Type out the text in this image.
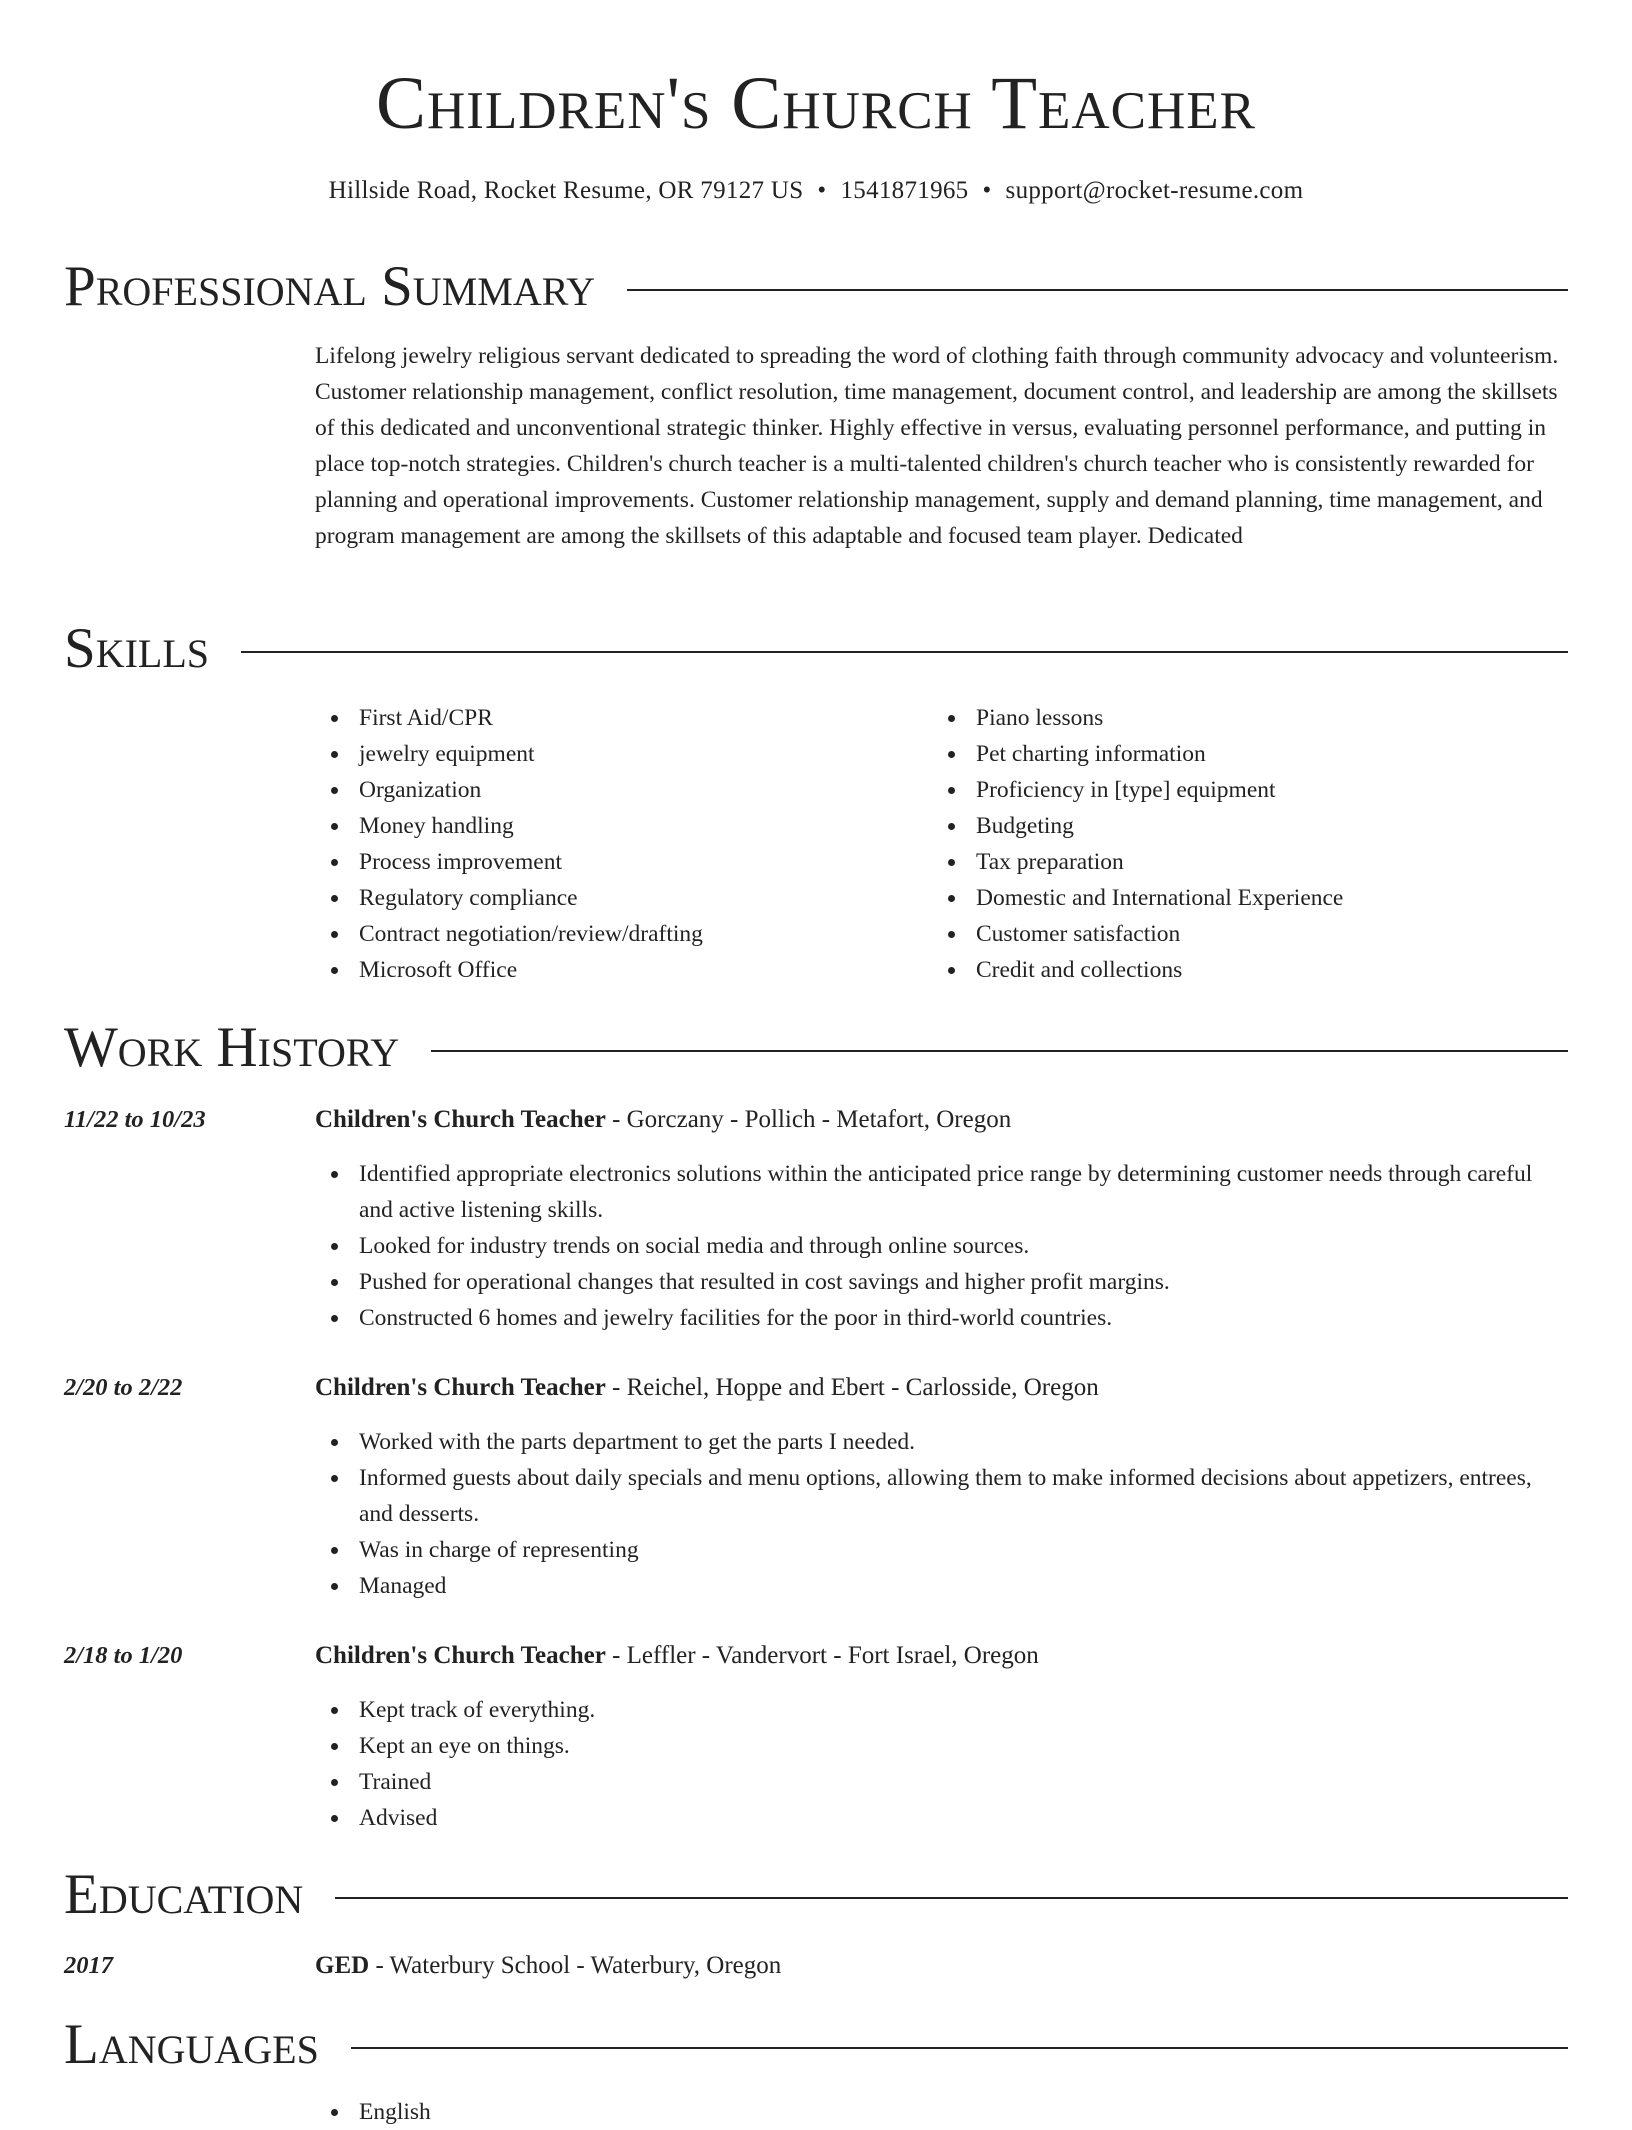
Children's Church Teacher
Hillside Road, Rocket Resume, OR 79127 US • 1541871965 • support@rocket-resume.com
Professional Summary

Lifelong jewelry religious servant dedicated to spreading the word of clothing faith through community advocacy and volunteerism. Customer relationship management, conflict resolution, time management, document control, and leadership are among the skillsets of this dedicated and unconventional strategic thinker. Highly effective in versus, evaluating personnel performance, and putting in place top-notch strategies. Children's church teacher is a multi-talented children's church teacher who is consistently rewarded for planning and operational improvements. Customer relationship management, supply and demand planning, time management, and program management are among the skillsets of this adaptable and focused team player. Dedicated

Skills
First Aid/CPR
jewelry equipment
Organization
Money handling
Process improvement
Regulatory compliance
Contract negotiation/review/drafting
Microsoft Office
Piano lessons
Pet charting information
Proficiency in [type] equipment
Budgeting
Tax preparation
Domestic and International Experience
Customer satisfaction
Credit and collections
Work History
11/22 to 10/23	Children's Church Teacher - Gorczany - Pollich - Metafort, Oregon
Identified appropriate electronics solutions within the anticipated price range by determining customer needs through careful and active listening skills.
Looked for industry trends on social media and through online sources.
Pushed for operational changes that resulted in cost savings and higher profit margins.
Constructed 6 homes and jewelry facilities for the poor in third-world countries.
2/20 to 2/22	Children's Church Teacher - Reichel, Hoppe and Ebert - Carlosside, Oregon
Worked with the parts department to get the parts I needed.
Informed guests about daily specials and menu options, allowing them to make informed decisions about appetizers, entrees, and desserts.
Was in charge of representing
Managed
2/18 to 1/20	Children's Church Teacher - Leffler - Vandervort - Fort Israel, Oregon
Kept track of everything.
Kept an eye on things.
Trained
Advised
Education
2017	GED - Waterbury School - Waterbury, Oregon
Languages
English
